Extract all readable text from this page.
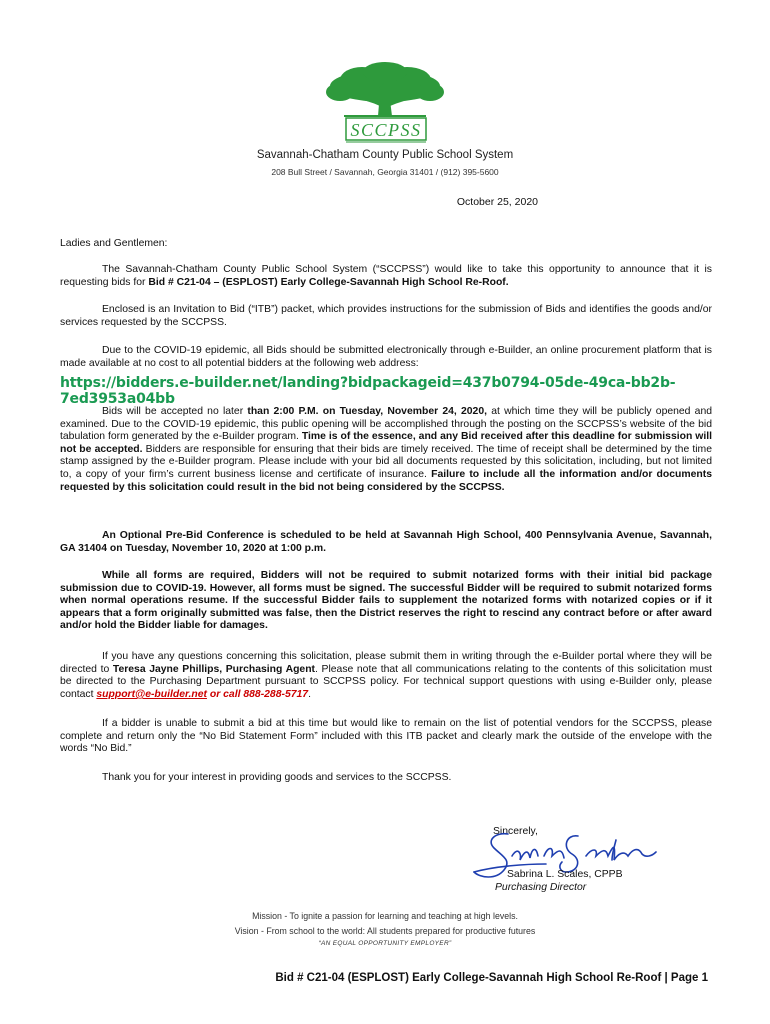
SCCPSS
Savannah-Chatham County Public School System
208 Bull Street / Savannah, Georgia 31401 / (912) 395-5600
October 25, 2020

Ladies and Gentlemen:

The Savannah-Chatham County Public School System (“SCCPSS”) would like to take this opportunity to announce that it is requesting bids for Bid # C21-04 – (ESPLOST) Early College-Savannah High School Re-Roof.

Enclosed is an Invitation to Bid (“ITB”) packet, which provides instructions for the submission of Bids and identifies the goods and/or services requested by the SCCPSS.

Due to the COVID-19 epidemic, all Bids should be submitted electronically through e-Builder, an online procurement platform that is made available at no cost to all potential bidders at the following web address:

https://bidders.e-builder.net/landing?bidpackageid=437b0794-05de-49ca-bb2b-7ed3953a04bb

Bids will be accepted no later than 2:00 P.M. on Tuesday, November 24, 2020, at which time they will be publicly opened and examined. Due to the COVID-19 epidemic, this public opening will be accomplished through the posting on the SCCPSS’s website of the bid tabulation form generated by the e-Builder program. Time is of the essence, and any Bid received after this deadline for submission will not be accepted. Bidders are responsible for ensuring that their bids are timely received. The time of receipt shall be determined by the time stamp assigned by the e-Builder program. Please include with your bid all documents requested by this solicitation, including, but not limited to, a copy of your firm’s current business license and certificate of insurance. Failure to include all the information and/or documents requested by this solicitation could result in the bid not being considered by the SCCPSS.

An Optional Pre-Bid Conference is scheduled to be held at Savannah High School, 400 Pennsylvania Avenue, Savannah, GA 31404 on Tuesday, November 10, 2020 at 1:00 p.m.

While all forms are required, Bidders will not be required to submit notarized forms with their initial bid package submission due to COVID-19. However, all forms must be signed. The successful Bidder will be required to submit notarized forms when normal operations resume. If the successful Bidder fails to supplement the notarized forms with notarized copies or if it appears that a form originally submitted was false, then the District reserves the right to rescind any contract before or after award and/or hold the Bidder liable for damages.

If you have any questions concerning this solicitation, please submit them in writing through the e-Builder portal where they will be directed to Teresa Jayne Phillips, Purchasing Agent. Please note that all communications relating to the contents of this solicitation must be directed to the Purchasing Department pursuant to SCCPSS policy. For technical support questions with using e-Builder only, please contact support@e-builder.net or call 888-288-5717.

If a bidder is unable to submit a bid at this time but would like to remain on the list of potential vendors for the SCCPSS, please complete and return only the “No Bid Statement Form” included with this ITB packet and clearly mark the outside of the envelope with the words “No Bid.”

Thank you for your interest in providing goods and services to the SCCPSS.

Sincerely,
Sabrina L. Scales, CPPB
Purchasing Director
Mission - To ignite a passion for learning and teaching at high levels.
Vision - From school to the world: All students prepared for productive futures
“AN EQUAL OPPORTUNITY EMPLOYER”
Bid # C21-04 (ESPLOST) Early College-Savannah High School Re-Roof | Page 1
